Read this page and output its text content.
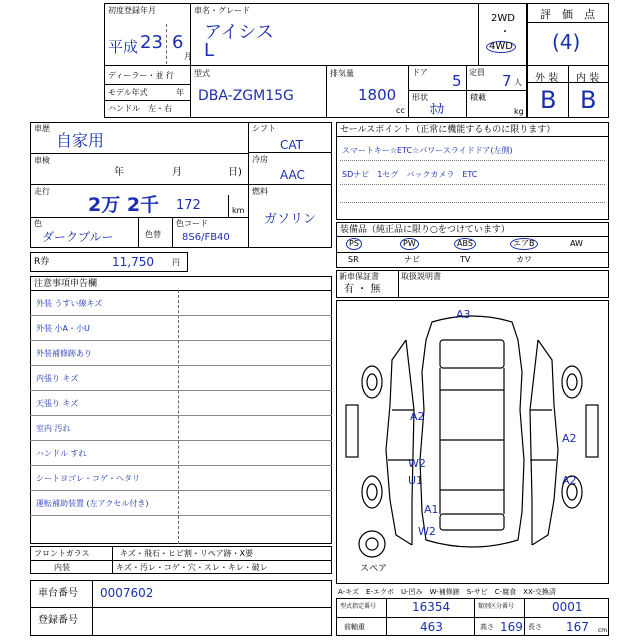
初度登録年月
平成 23 6
月
車名・グレード
アイシス
L
2WD
・
4WD
ディーラー・並 行
モデル年式	年
ハンドル　左・右
型式
DBA-ZGM15G
排気量
1800
cc
ドア 5 定員 7 人
形状
ﾎｶ
積載
kg
評　価　点
(4)
外 装 内 装
B B
車歴
自家用
車検
年	月	日)
走行
2万 2千 172	km
色
ダークブルー	色替
色コード
8S6/FB40
シフト
CAT
冷房
AAC
燃料
ガソリン
セールスポイント（正常に機能するものに限ります）
スマートキー☆ETC☆パワースライドドア(左側)
SDナビ　1セグ　バックカメラ　ETC
装備品（純正品に限り○をつけています）
PS	PW	ABS	エアB	AW
SR	ナビ	TV	カワ
新車保証書
有 ・ 無
取扱説明書
R券	11,750 円
注意事項申告欄
外装 うすい線キズ
外装 小A・小U
外装補修跡あり
内張り キズ
天張り キズ
室内 汚れ
ハンドル すれ
シートヨゴレ・コゲ・ヘタリ
運転補助装置 (左アクセル付き)
A3
A2
A2
W2
U1	A2
A1
W2
スペア
A-キズ　E-エクボ　U-凹み　W-補修跡　S-サビ　C-腐食　XX-交換済
フロントガラス	キズ・飛石・ヒビ割・リペア跡・X要
内装	キズ・汚レ・コゲ・穴・スレ・キレ・破レ
車台番号 0007602
登録番号
型式指定番号	16354	類別区分番号	0001
前軸重	463	高さ 169 長さ 167 cm
